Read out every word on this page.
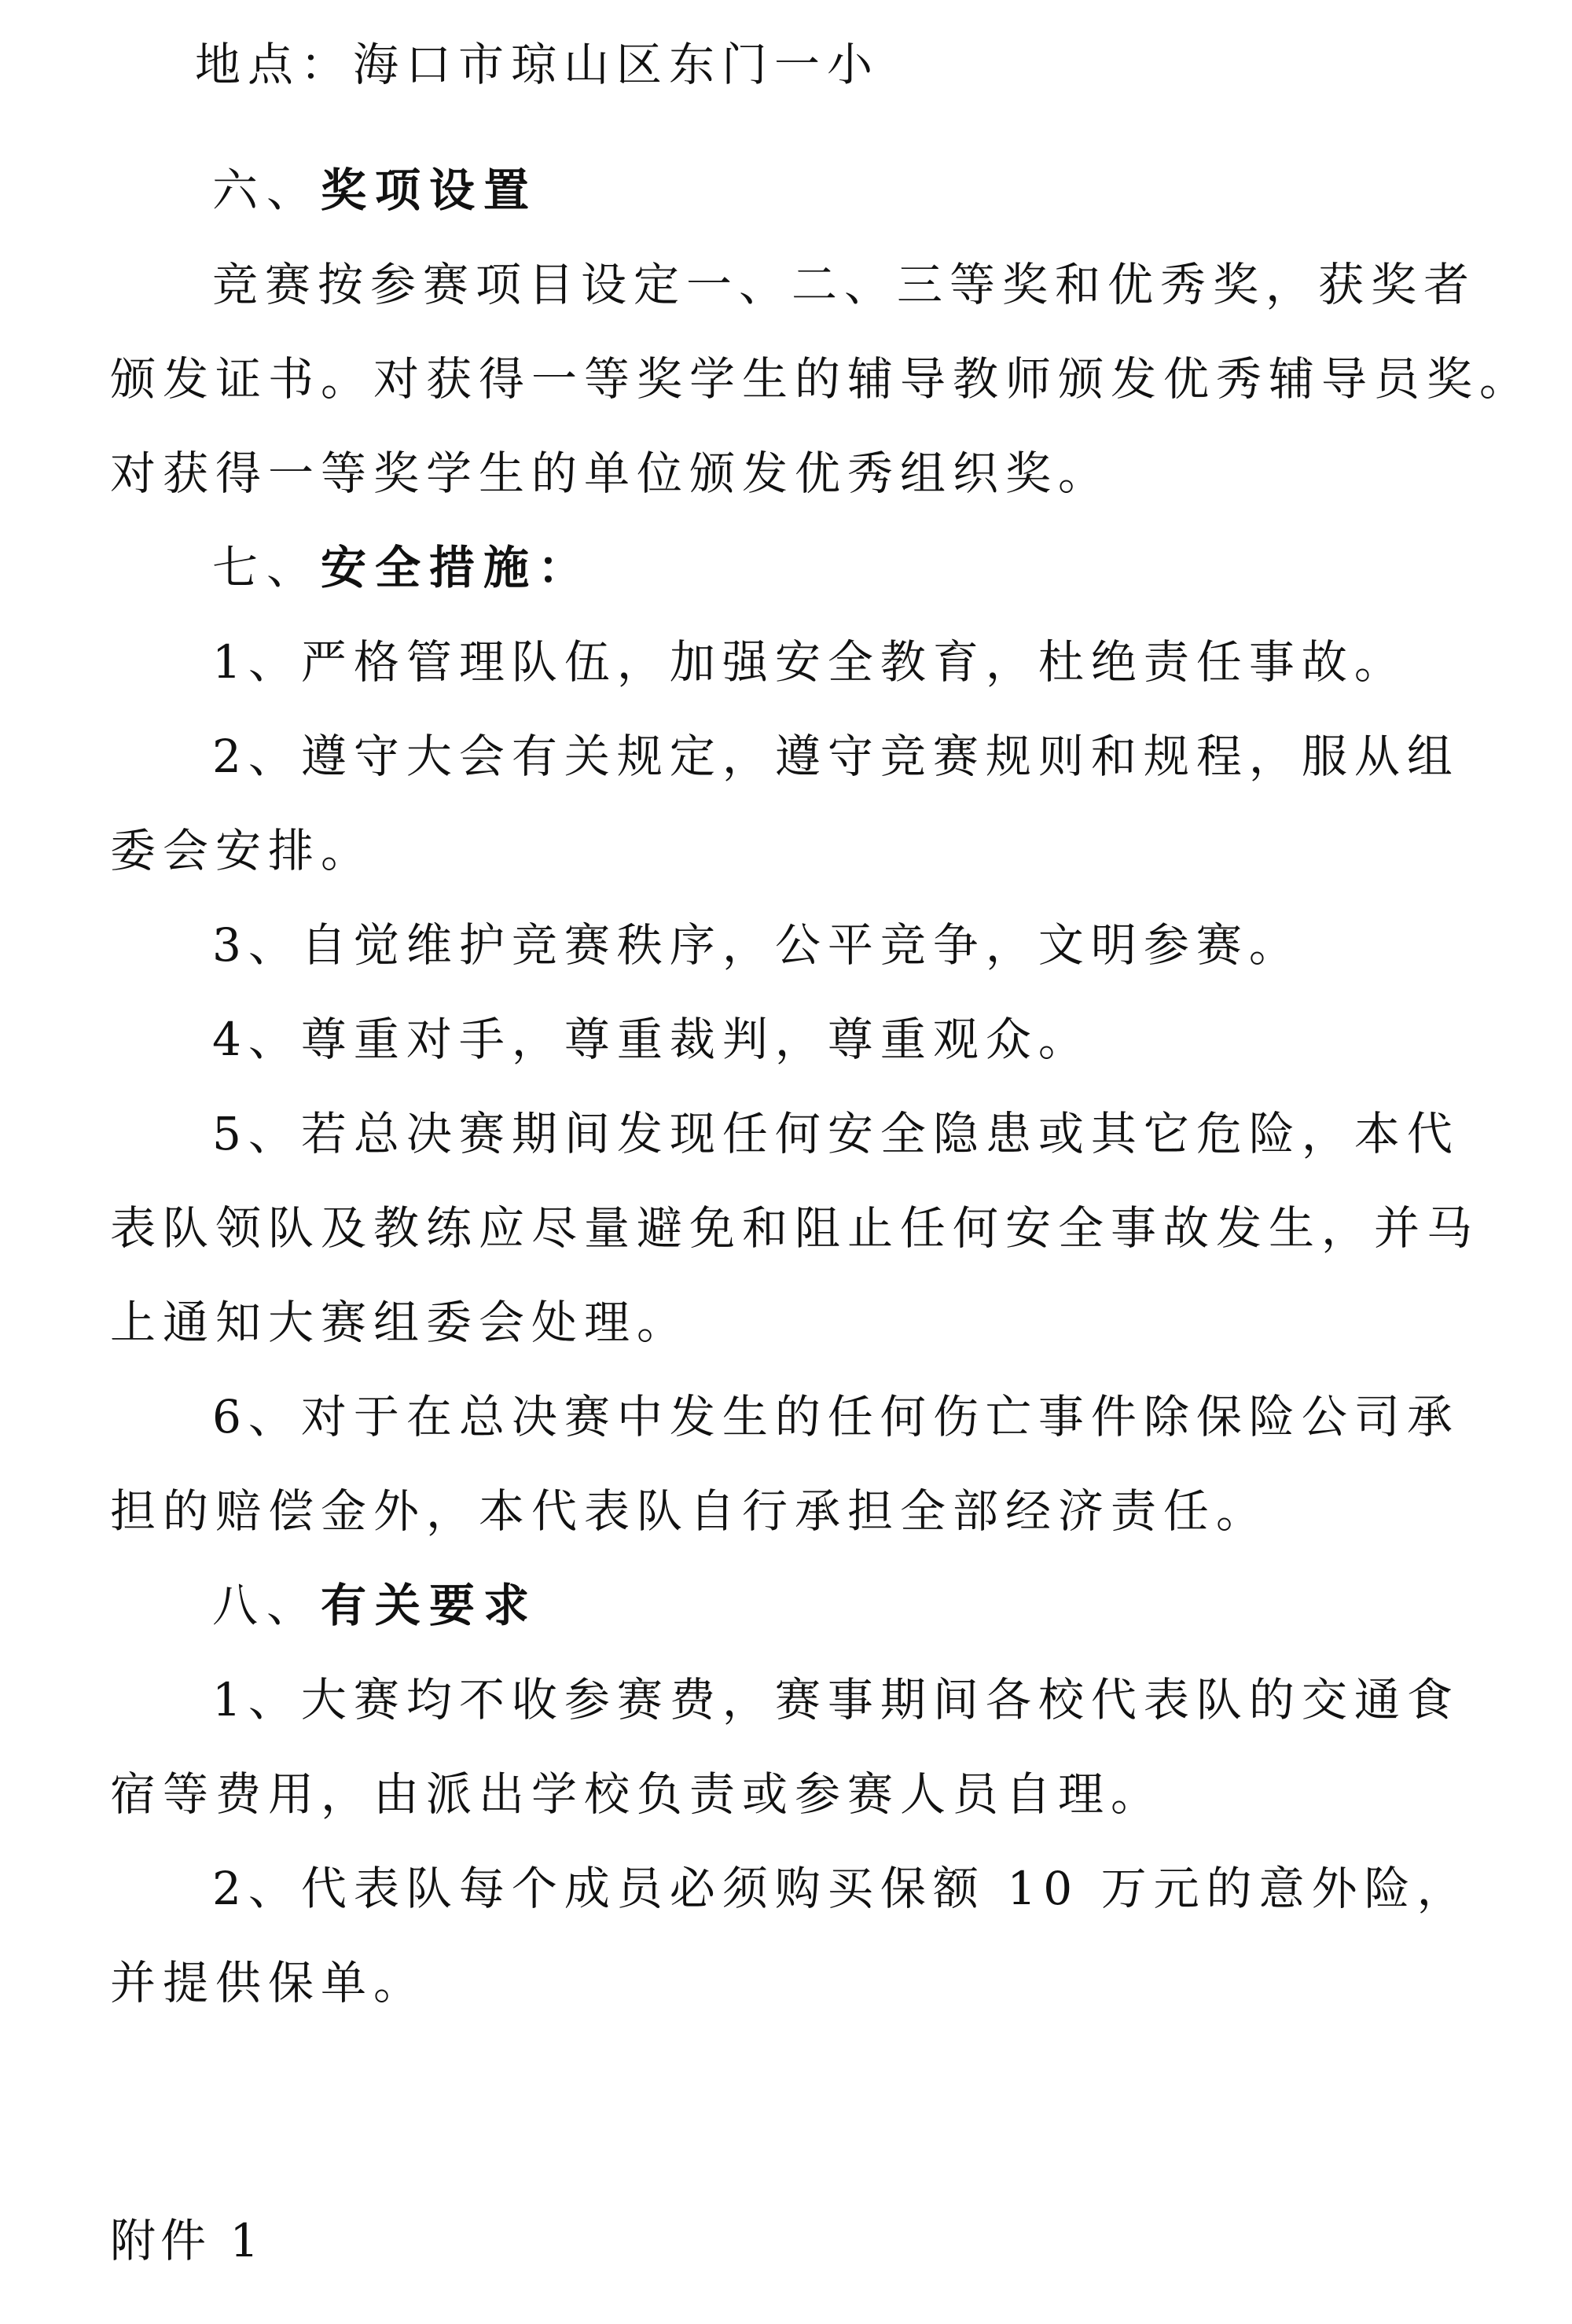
地点：海口市琼山区东门一小
六、奖项设置
竞赛按参赛项目设定一、二、三等奖和优秀奖，获奖者
颁发证书。对获得一等奖学生的辅导教师颁发优秀辅导员奖。
对获得一等奖学生的单位颁发优秀组织奖。
七、安全措施：
1、严格管理队伍，加强安全教育，杜绝责任事故。
2、遵守大会有关规定，遵守竞赛规则和规程，服从组
委会安排。
3、自觉维护竞赛秩序，公平竞争，文明参赛。
4、尊重对手，尊重裁判，尊重观众。
5、若总决赛期间发现任何安全隐患或其它危险，本代
表队领队及教练应尽量避免和阻止任何安全事故发生，并马
上通知大赛组委会处理。
6、对于在总决赛中发生的任何伤亡事件除保险公司承
担的赔偿金外，本代表队自行承担全部经济责任。
八、有关要求
1、大赛均不收参赛费，赛事期间各校代表队的交通食
宿等费用，由派出学校负责或参赛人员自理。
2、代表队每个成员必须购买保额 10 万元的意外险，
并提供保单。
附件 1
